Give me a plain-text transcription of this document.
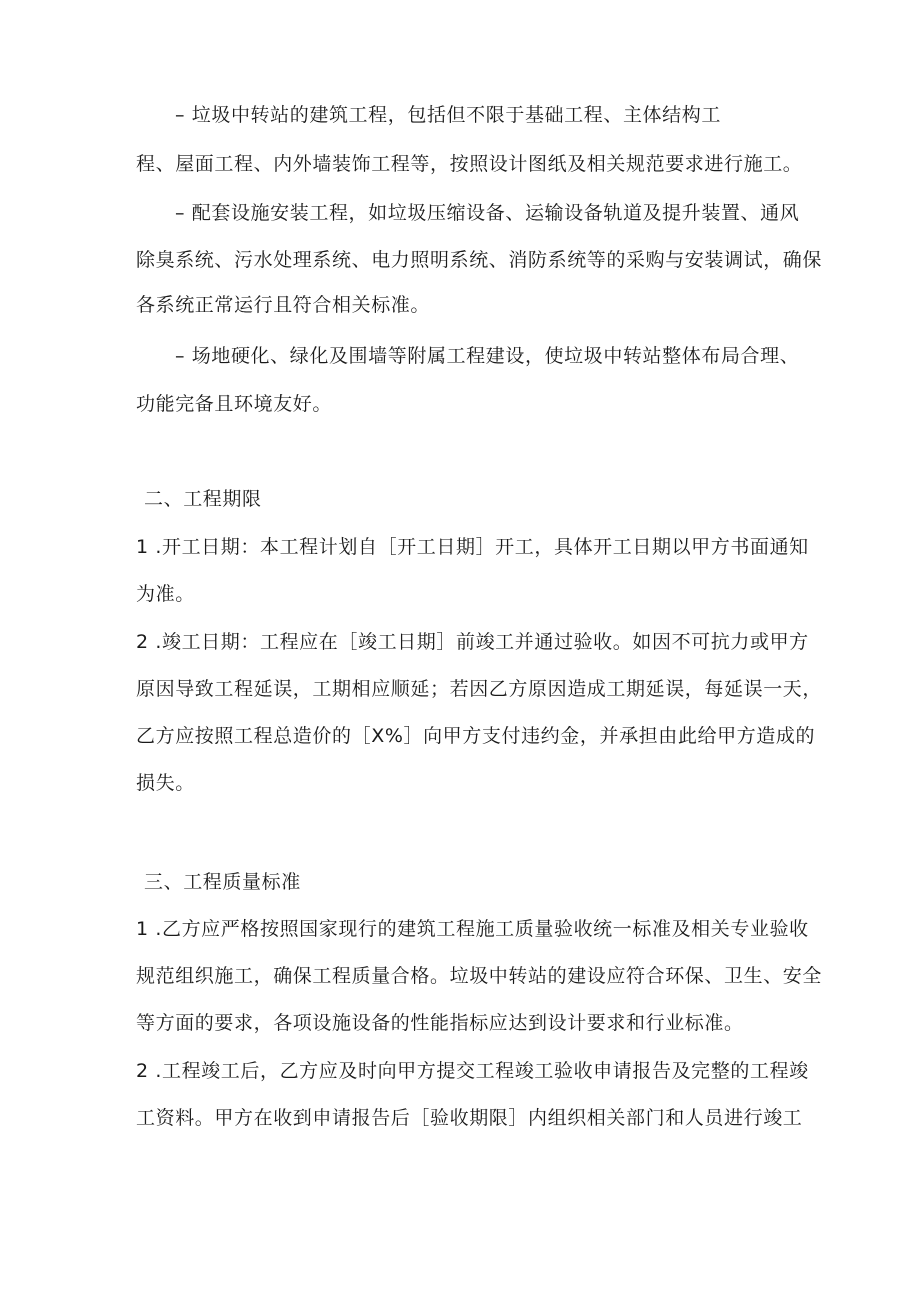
– 垃圾中转站的建筑工程，包括但不限于基础工程、主体结构工
程、屋面工程、内外墙装饰工程等，按照设计图纸及相关规范要求进行施工。
– 配套设施安装工程，如垃圾压缩设备、运输设备轨道及提升装置、通风
除臭系统、污水处理系统、电力照明系统、消防系统等的采购与安装调试，确保
各系统正常运行且符合相关标准。
– 场地硬化、绿化及围墙等附属工程建设，使垃圾中转站整体布局合理、
功能完备且环境友好。
二、工程期限
1 .开工日期：本工程计划自［开工日期］开工，具体开工日期以甲方书面通知
为准。
2 .竣工日期：工程应在［竣工日期］前竣工并通过验收。如因不可抗力或甲方
原因导致工程延误，工期相应顺延；若因乙方原因造成工期延误，每延误一天，
乙方应按照工程总造价的［X%］向甲方支付违约金，并承担由此给甲方造成的
损失。
三、工程质量标准
1 .乙方应严格按照国家现行的建筑工程施工质量验收统一标准及相关专业验收
规范组织施工，确保工程质量合格。垃圾中转站的建设应符合环保、卫生、安全
等方面的要求，各项设施设备的性能指标应达到设计要求和行业标准。
2 .工程竣工后，乙方应及时向甲方提交工程竣工验收申请报告及完整的工程竣
工资料。甲方在收到申请报告后［验收期限］内组织相关部门和人员进行竣工
